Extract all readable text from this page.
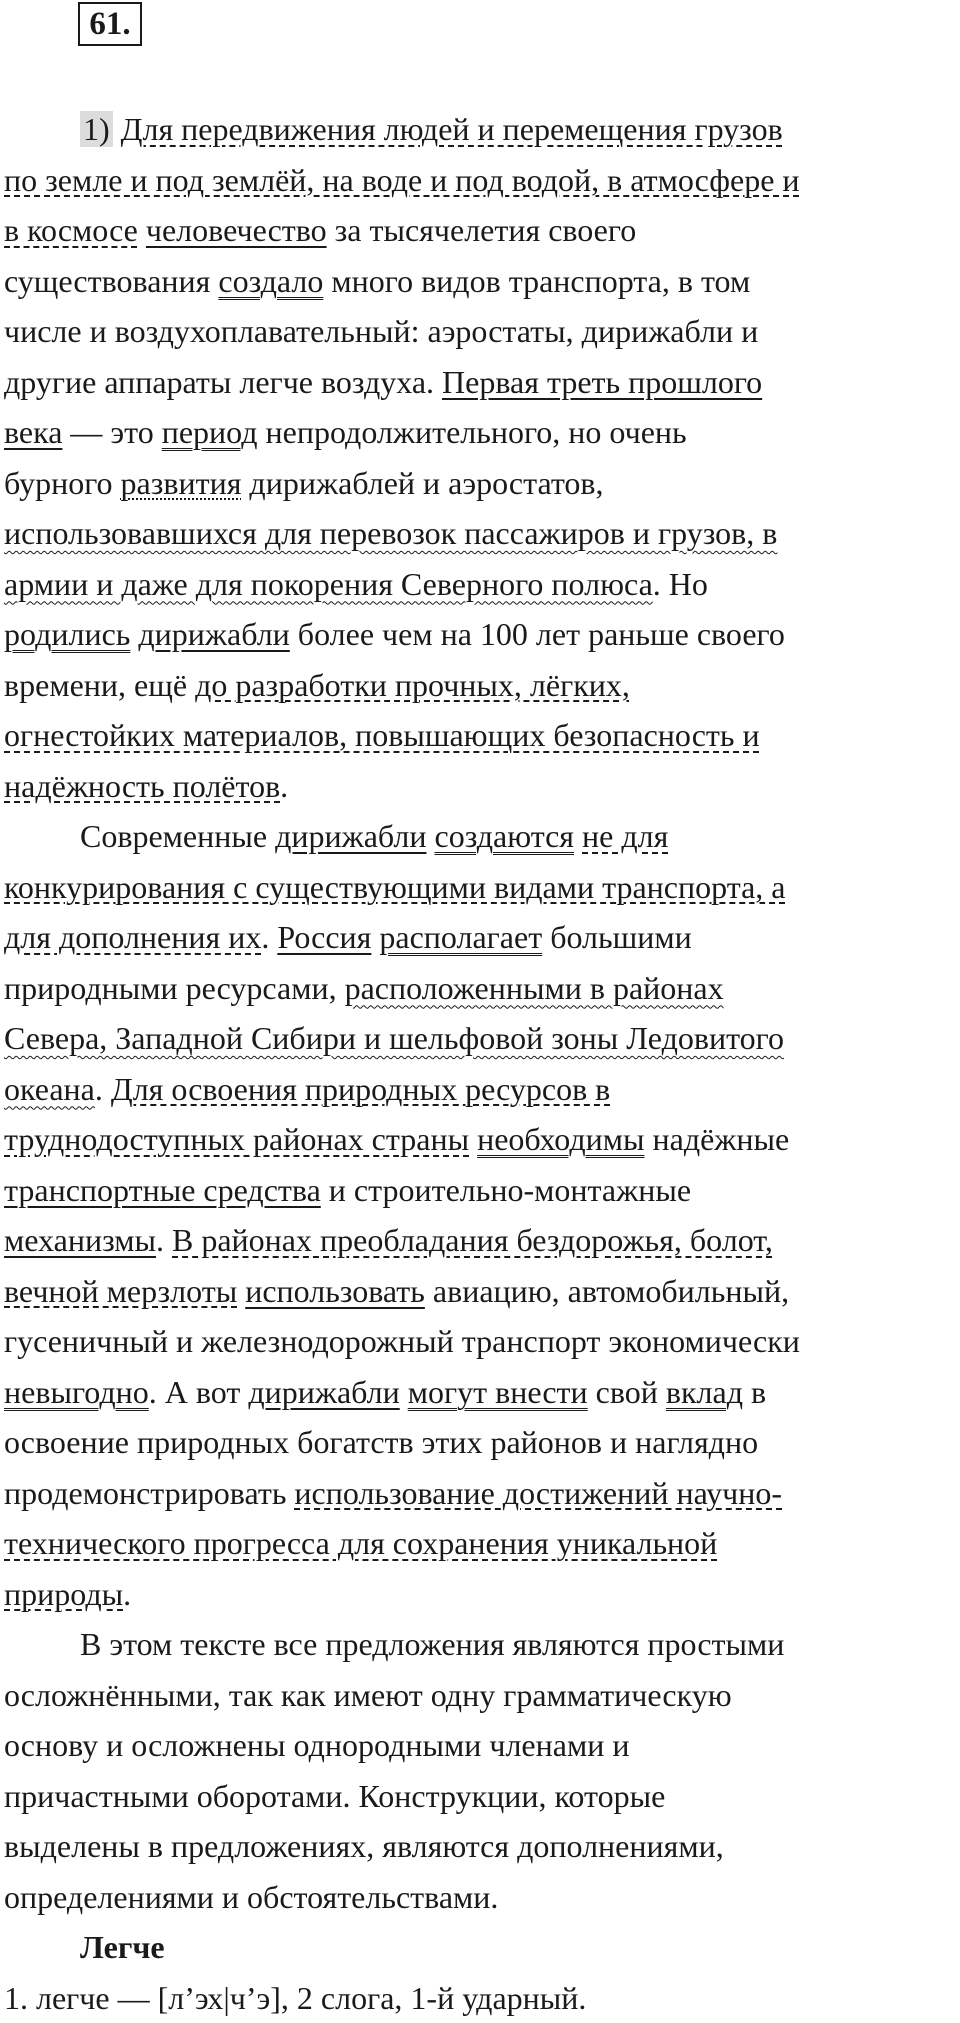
61.
1) Для передвижения людей и перемещения грузов
по земле и под землёй, на воде и под водой, в атмосфере и
в космосе человечество за тысячелетия своего
существования создало много видов транспорта, в том
числе и воздухоплавательный: аэростаты, дирижабли и
другие аппараты легче воздуха. Первая треть прошлого
века — это период непродолжительного, но очень
бурного развития дирижаблей и аэростатов,
использовавшихся для перевозок пассажиров и грузов, в
армии и даже для покорения Северного полюса. Но
родились дирижабли более чем на 100 лет раньше своего
времени, ещё до разработки прочных, лёгких,
огнестойких материалов, повышающих безопасность и
надёжность полётов.
Современные дирижабли создаются не для
конкурирования с существующими видами транспорта, а
для дополнения их. Россия располагает большими
природными ресурсами, расположенными в районах
Севера, Западной Сибири и шельфовой зоны Ледовитого
океана. Для освоения природных ресурсов в
труднодоступных районах страны необходимы надёжные
транспортные средства и строительно-монтажные
механизмы. В районах преобладания бездорожья, болот,
вечной мерзлоты использовать авиацию, автомобильный,
гусеничный и железнодорожный транспорт экономически
невыгодно. А вот дирижабли могут внести свой вклад в
освоение природных богатств этих районов и наглядно
продемонстрировать использование достижений научно-
технического прогресса для сохранения уникальной
природы.
В этом тексте все предложения являются простыми
осложнёнными, так как имеют одну грамматическую
основу и осложнены однородными членами и
причастными оборотами. Конструкции, которые
выделены в предложениях, являются дополнениями,
определениями и обстоятельствами.
Легче
1. легче — [л’эх|ч’э], 2 слога, 1-й ударный.
